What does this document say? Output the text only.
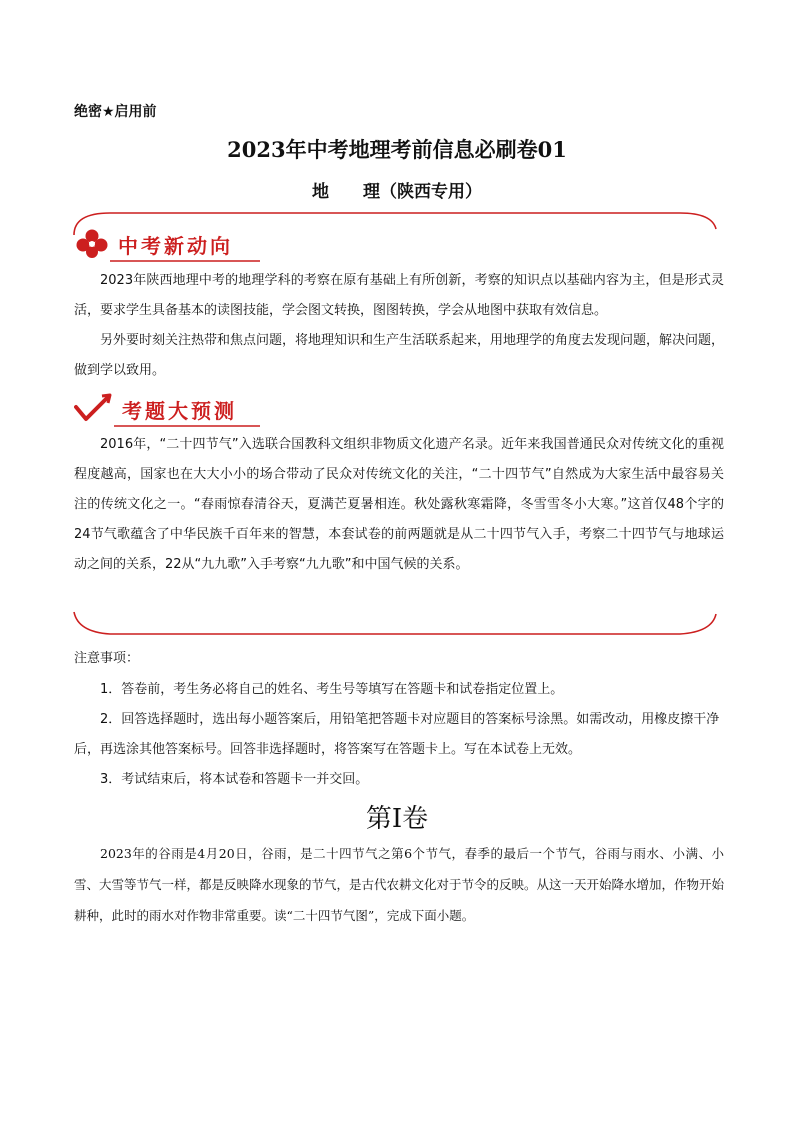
绝密★启用前
2023年中考地理考前信息必刷卷01
地 理（陕西专用）
中考新动向

2023年陕西地理中考的地理学科的考察在原有基础上有所创新，考察的知识点以基础内容为主，但是形式灵活，要求学生具备基本的读图技能，学会图文转换，图图转换，学会从地图中获取有效信息。

另外要时刻关注热带和焦点问题，将地理知识和生产生活联系起来，用地理学的角度去发现问题，解决问题，做到学以致用。

考题大预测

2016年，“二十四节气”入选联合国教科文组织非物质文化遗产名录。近年来我国普通民众对传统文化的重视程度越高，国家也在大大小小的场合带动了民众对传统文化的关注，“二十四节气”自然成为大家生活中最容易关注的传统文化之一。“春雨惊春清谷天，夏满芒夏暑相连。秋处露秋寒霜降，冬雪雪冬小大寒。”这首仅48个字的24节气歌蕴含了中华民族千百年来的智慧，本套试卷的前两题就是从二十四节气入手，考察二十四节气与地球运动之间的关系，22从“九九歌”入手考察“九九歌”和中国气候的关系。

注意事项：

1．答卷前，考生务必将自己的姓名、考生号等填写在答题卡和试卷指定位置上。

2．回答选择题时，选出每小题答案后，用铅笔把答题卡对应题目的答案标号涂黑。如需改动，用橡皮擦干净后，再选涂其他答案标号。回答非选择题时，将答案写在答题卡上。写在本试卷上无效。

3．考试结束后，将本试卷和答题卡一并交回。

第Ⅰ卷

2023年的谷雨是4月20日，谷雨，是二十四节气之第6个节气，春季的最后一个节气，谷雨与雨水、小满、小雪、大雪等节气一样，都是反映降水现象的节气，是古代农耕文化对于节令的反映。从这一天开始降水增加，作物开始耕种，此时的雨水对作物非常重要。读“二十四节气图”，完成下面小题。
